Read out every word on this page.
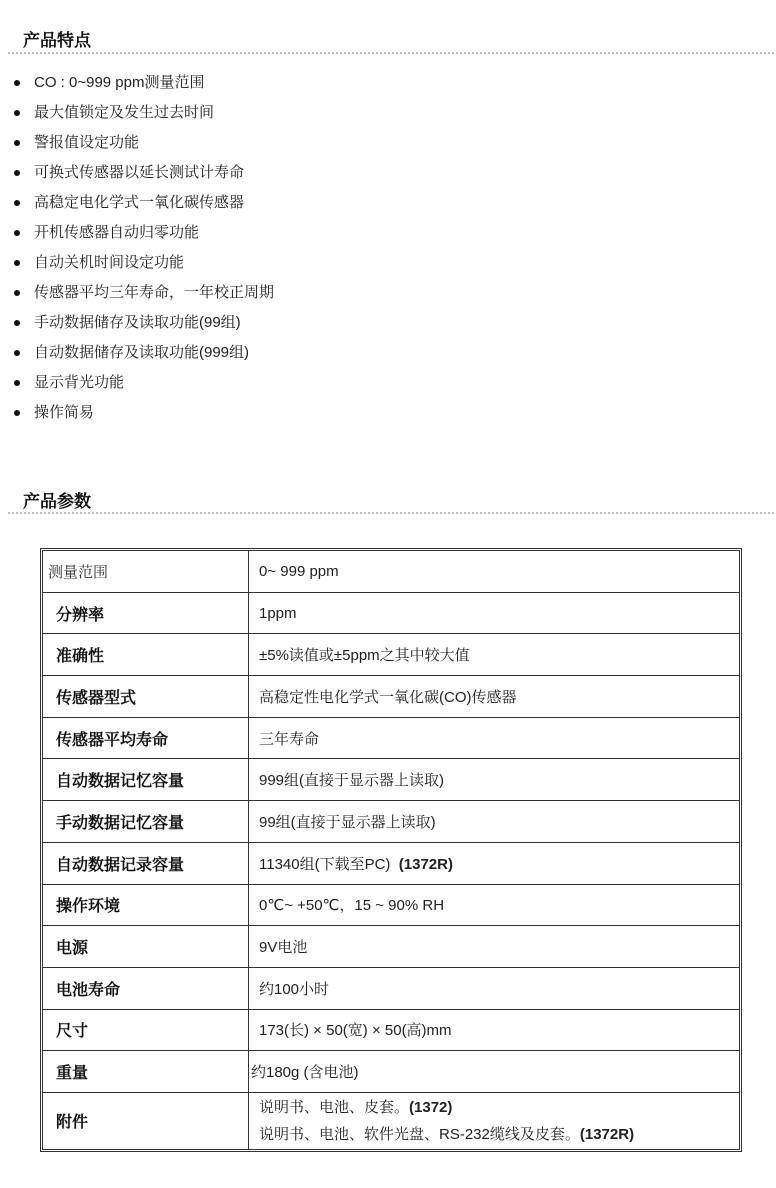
产品特点
CO : 0~999 ppm测量范围
最大值锁定及发生过去时间
警报值设定功能
可换式传感器以延长测试计寿命
高稳定电化学式一氧化碳传感器
开机传感器自动归零功能
自动关机时间设定功能
传感器平均三年寿命，一年校正周期
手动数据储存及读取功能(99组)
自动数据储存及读取功能(999组)
显示背光功能
操作简易
产品参数
测量范围	0~ 999 ppm
分辨率	1ppm
准确性	±5%读值或±5ppm之其中较大值
传感器型式	高稳定性电化学式一氧化碳(CO)传感器
传感器平均寿命	三年寿命
自动数据记忆容量	999组(直接于显示器上读取)
手动数据记忆容量	99组(直接于显示器上读取)
自动数据记录容量	11340组(下载至PC) (1372R)
操作环境	0℃~ +50℃，15 ~ 90% RH
电源	9V电池
电池寿命	约100小时
尺寸	173(长) × 50(宽) × 50(高)mm
重量	约180g (含电池)
附件	说明书、电池、皮套。(1372)
说明书、电池、软件光盘、RS-232缆线及皮套。(1372R)
